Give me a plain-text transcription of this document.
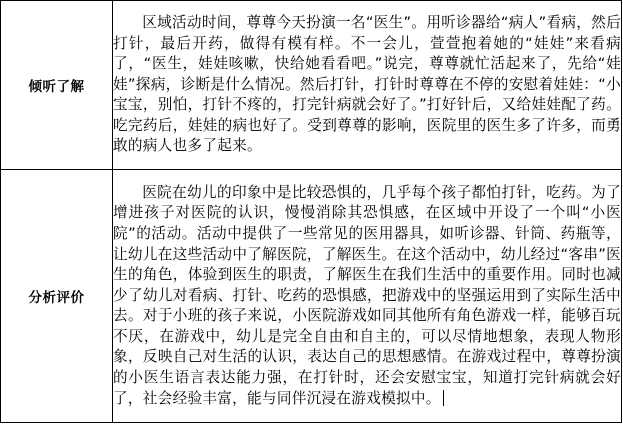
倾听了解	区域活动时间，尊尊今天扮演一名“医生”。用听诊器给“病人”看病，然后打针，最后开药，做得有模有样。不一会儿，萱萱抱着她的“娃娃”来看病了，“医生，娃娃咳嗽，快给她看看吧。”说完，尊尊就忙活起来了，先给“娃娃”探病，诊断是什么情况。然后打针，打针时尊尊在不停的安慰着娃娃：“小宝宝，别怕，打针不疼的，打完针病就会好了。”打好针后，又给娃娃配了药。吃完药后，娃娃的病也好了。受到尊尊的影响，医院里的医生多了许多，而勇敢的病人也多了起来。

分析评价	医院在幼儿的印象中是比较恐惧的，几乎每个孩子都怕打针，吃药。为了增进孩子对医院的认识，慢慢消除其恐惧感，在区域中开设了一个叫“小医院”的活动。活动中提供了一些常见的医用器具，如听诊器、针筒、药瓶等，让幼儿在这些活动中了解医院，了解医生。在这个活动中，幼儿经过“客串”医生的角色，体验到医生的职责，了解医生在我们生活中的重要作用。同时也减少了幼儿对看病、打针、吃药的恐惧感，把游戏中的坚强运用到了实际生活中去。对于小班的孩子来说，小医院游戏如同其他所有角色游戏一样，能够百玩不厌，在游戏中，幼儿是完全自由和自主的，可以尽情地想象，表现人物形象，反映自己对生活的认识，表达自己的思想感情。在游戏过程中，尊尊扮演的小医生语言表达能力强，在打针时，还会安慰宝宝，知道打完针病就会好了，社会经验丰富，能与同伴沉浸在游戏模拟中。
